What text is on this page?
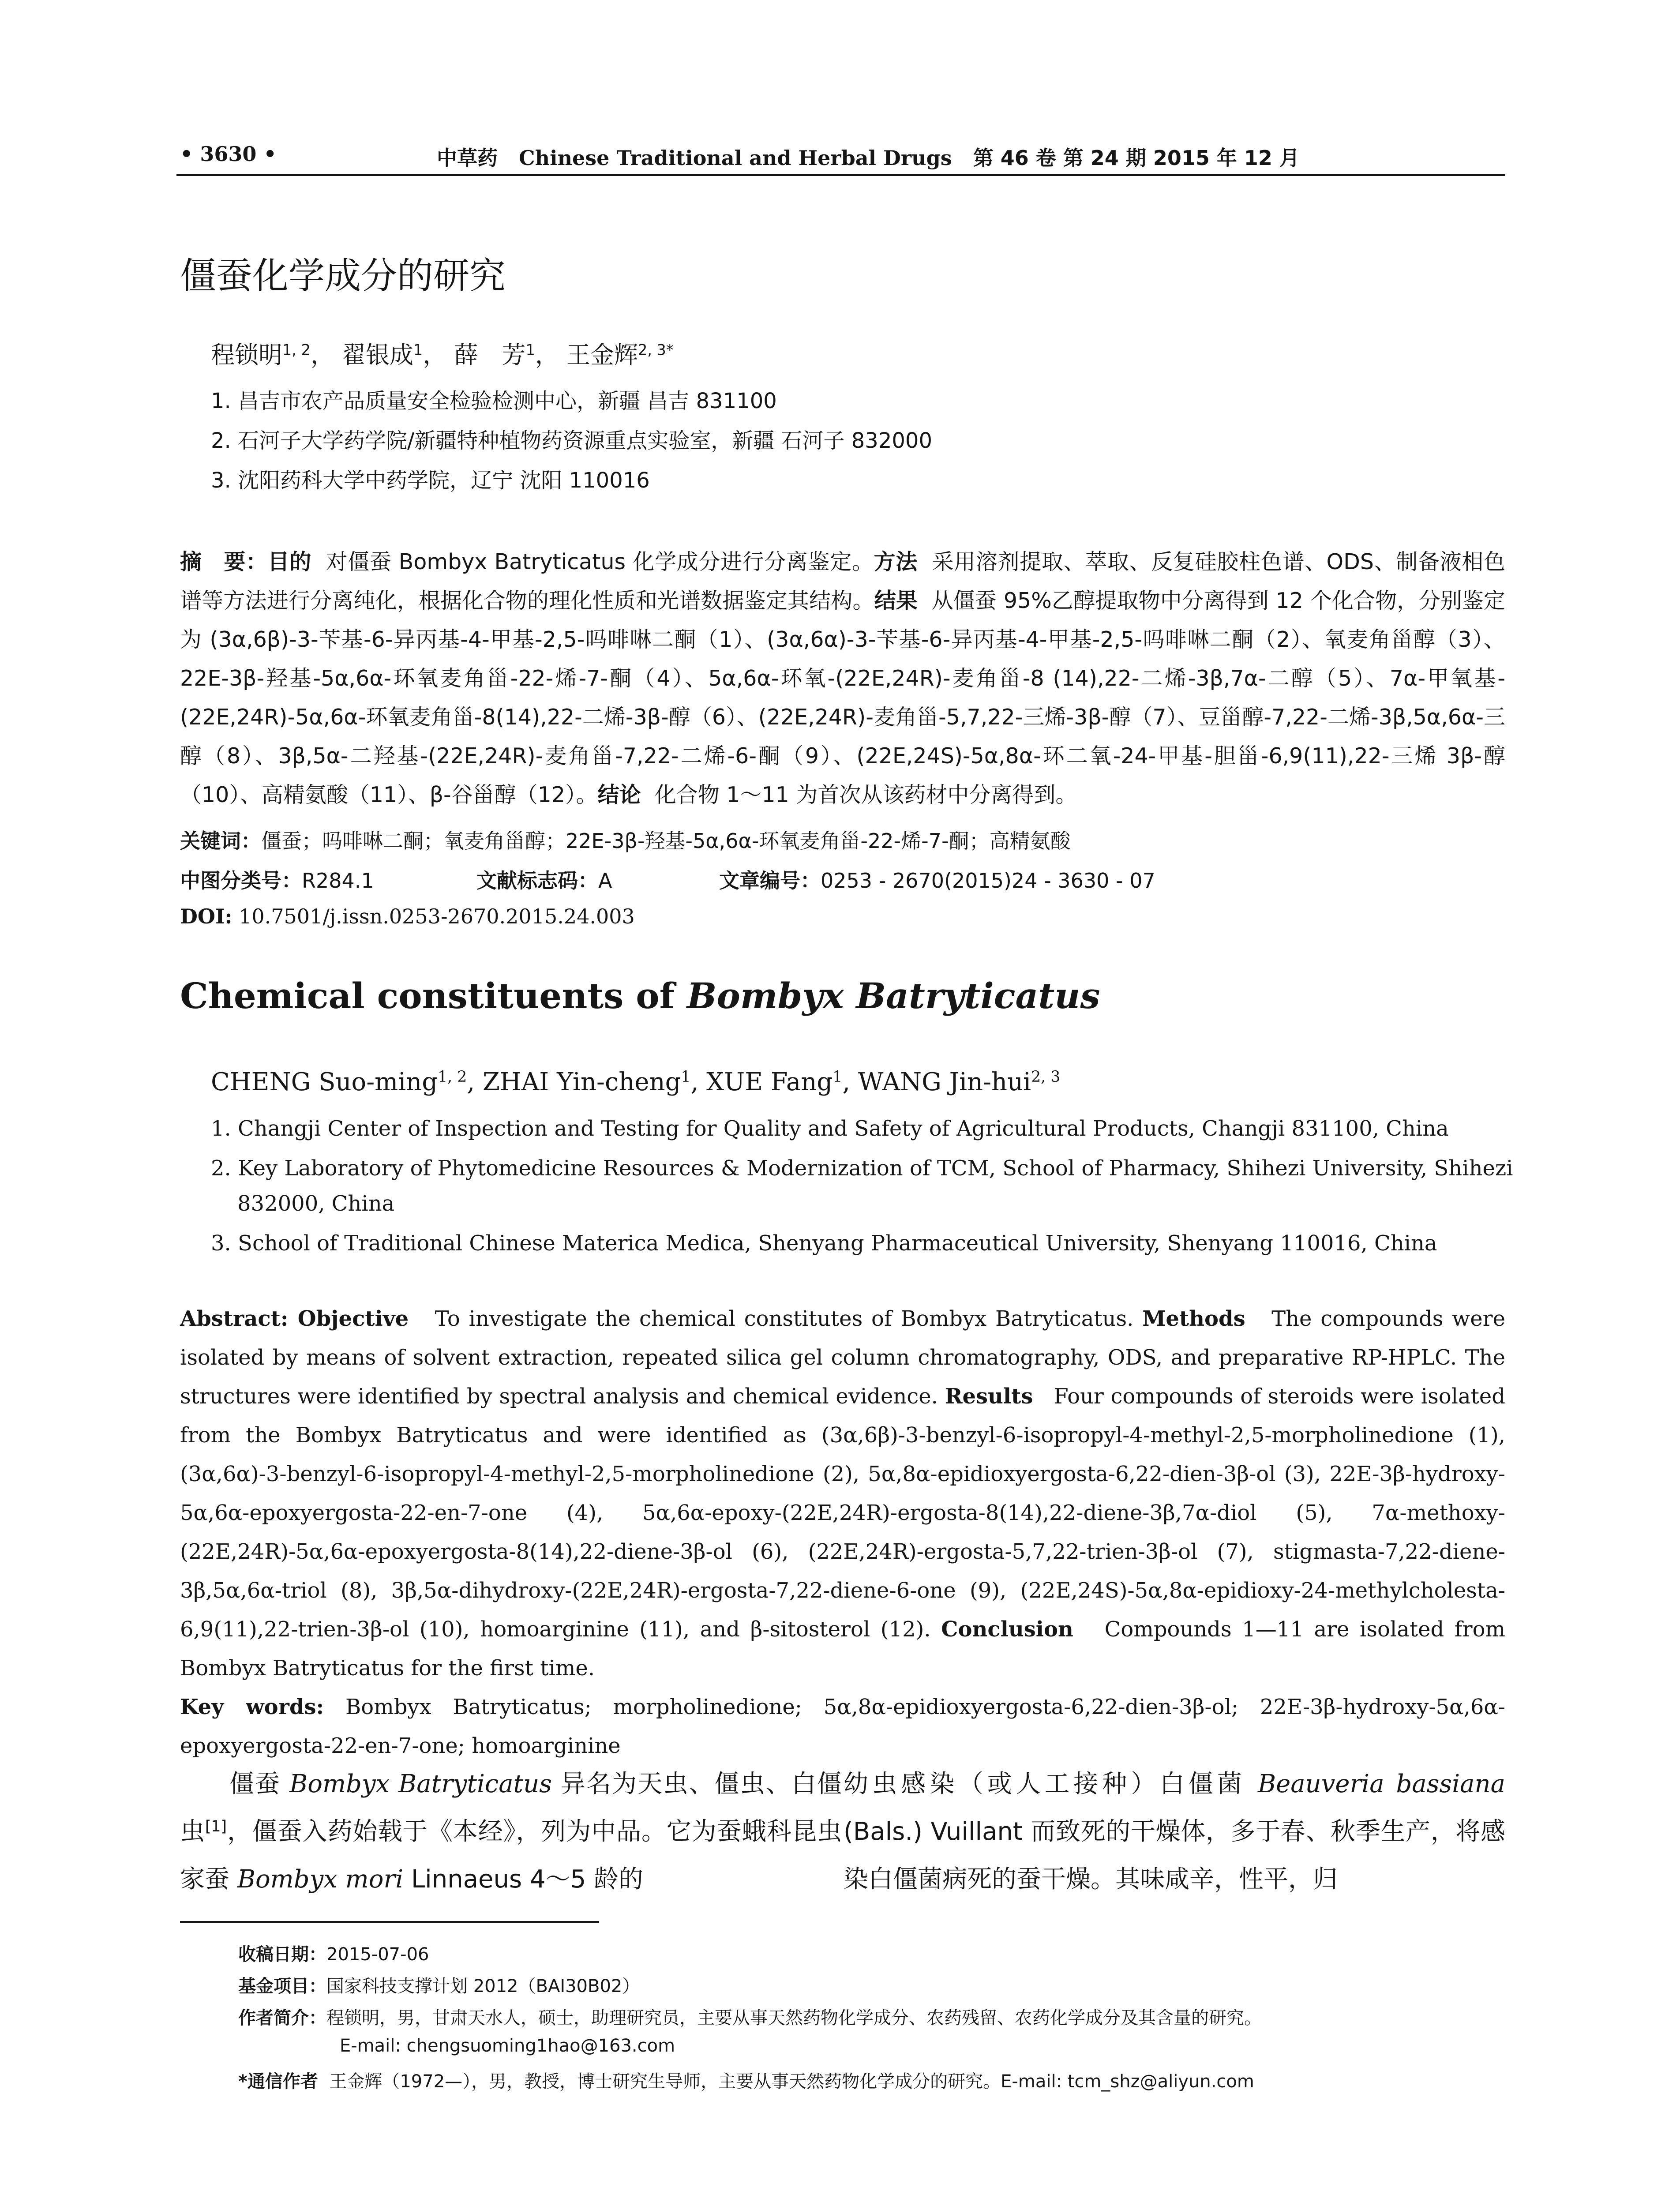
• 3630 •	中草药 Chinese Traditional and Herbal Drugs 第 46 卷 第 24 期 2015 年 12 月
僵蚕化学成分的研究
程锁明$^{1, 2}$， 翟银成$^1$， 薛　芳$^1$， 王金辉$^{2, 3*}$
1. 昌吉市农产品质量安全检验检测中心，新疆 昌吉 831100
2. 石河子大学药学院/新疆特种植物药资源重点实验室，新疆 石河子 832000
3. 沈阳药科大学中药学院，辽宁 沈阳 110016
摘　要：目的 对僵蚕 Bombyx Batryticatus 化学成分进行分离鉴定。方法 采用溶剂提取、萃取、反复硅胶柱色谱、ODS、制备液相色谱等方法进行分离纯化，根据化合物的理化性质和光谱数据鉴定其结构。结果 从僵蚕 95%乙醇提取物中分离得到 12 个化合物，分别鉴定为 (3α,6β)-3-苄基-6-异丙基-4-甲基-2,5-吗啡啉二酮（1）、(3α,6α)-3-苄基-6-异丙基-4-甲基-2,5-吗啡啉二酮（2）、氧麦角甾醇（3）、22E-3β-羟基-5α,6α-环氧麦角甾-22-烯-7-酮（4）、5α,6α-环氧-(22E,24R)-麦角甾-8 (14),22-二烯-3β,7α-二醇（5）、7α-甲氧基-(22E,24R)-5α,6α-环氧麦角甾-8(14),22-二烯-3β-醇（6）、(22E,24R)-麦角甾-5,7,22-三烯-3β-醇（7）、豆甾醇-7,22-二烯-3β,5α,6α-三醇（8）、3β,5α-二羟基-(22E,24R)-麦角甾-7,22-二烯-6-酮（9）、(22E,24S)-5α,8α-环二氧-24-甲基-胆甾-6,9(11),22-三烯 3β-醇（10）、高精氨酸（11）、β-谷甾醇（12）。结论 化合物 1～11 为首次从该药材中分离得到。
关键词：僵蚕；吗啡啉二酮；氧麦角甾醇；22E-3β-羟基-5α,6α-环氧麦角甾-22-烯-7-酮；高精氨酸
中图分类号：R284.1	文献标志码：A	文章编号：0253 - 2670(2015)24 - 3630 - 07
DOI: 10.7501/j.issn.0253-2670.2015.24.003
Chemical constituents of Bombyx Batryticatus
CHENG Suo-ming$^{1, 2}$, ZHAI Yin-cheng$^1$, XUE Fang$^1$, WANG Jin-hui$^{2, 3}$
1. Changji Center of Inspection and Testing for Quality and Safety of Agricultural Products, Changji 831100, China
2. Key Laboratory of Phytomedicine Resources & Modernization of TCM, School of Pharmacy, Shihezi University, Shihezi
832000, China
3. School of Traditional Chinese Materica Medica, Shenyang Pharmaceutical University, Shenyang 110016, China
Abstract: Objective To investigate the chemical constitutes of Bombyx Batryticatus. Methods The compounds were isolated by means of solvent extraction, repeated silica gel column chromatography, ODS, and preparative RP-HPLC. The structures were identified by spectral analysis and chemical evidence. Results Four compounds of steroids were isolated from the Bombyx Batryticatus and were identified as (3α,6β)-3-benzyl-6-isopropyl-4-methyl-2,5-morpholinedione (1), (3α,6α)-3-benzyl-6-isopropyl-4-methyl-2,5-morpholinedione (2), 5α,8α-epidioxyergosta-6,22-dien-3β-ol (3), 22E-3β-hydroxy-5α,6α-epoxyergosta-22-en-7-one (4), 5α,6α-epoxy-(22E,24R)-ergosta-8(14),22-diene-3β,7α-diol (5), 7α-methoxy-(22E,24R)-5α,6α-epoxyergosta-8(14),22-diene-3β-ol (6), (22E,24R)-ergosta-5,7,22-trien-3β-ol (7), stigmasta-7,22-diene-3β,5α,6α-triol (8), 3β,5α-dihydroxy-(22E,24R)-ergosta-7,22-diene-6-one (9), (22E,24S)-5α,8α-epidioxy-24-methylcholesta-6,9(11),22-trien-3β-ol (10), homoarginine (11), and β-sitosterol (12). Conclusion Compounds 1—11 are isolated from Bombyx Batryticatus for the first time.
Key words: Bombyx Batryticatus; morpholinedione; 5α,8α-epidioxyergosta-6,22-dien-3β-ol; 22E-3β-hydroxy-5α,6α-epoxyergosta-22-en-7-one; homoarginine
僵蚕 Bombyx Batryticatus 异名为天虫、僵虫、白僵虫[1]，僵蚕入药始载于《本经》，列为中品。它为蚕蛾科昆虫家蚕 Bombyx mori Linnaeus 4～5 龄的
幼虫感染（或人工接种）白僵菌 Beauveria bassiana (Bals.) Vuillant 而致死的干燥体，多于春、秋季生产，将感染白僵菌病死的蚕干燥。其味咸辛，性平，归
收稿日期：2015-07-06
基金项目：国家科技支撑计划 2012（BAI30B02）
作者简介：程锁明，男，甘肃天水人，硕士，助理研究员，主要从事天然药物化学成分、农药残留、农药化学成分及其含量的研究。
E-mail: chengsuoming1hao@163.com
*通信作者 王金辉（1972—），男，教授，博士研究生导师，主要从事天然药物化学成分的研究。E-mail: tcm_shz@aliyun.com
